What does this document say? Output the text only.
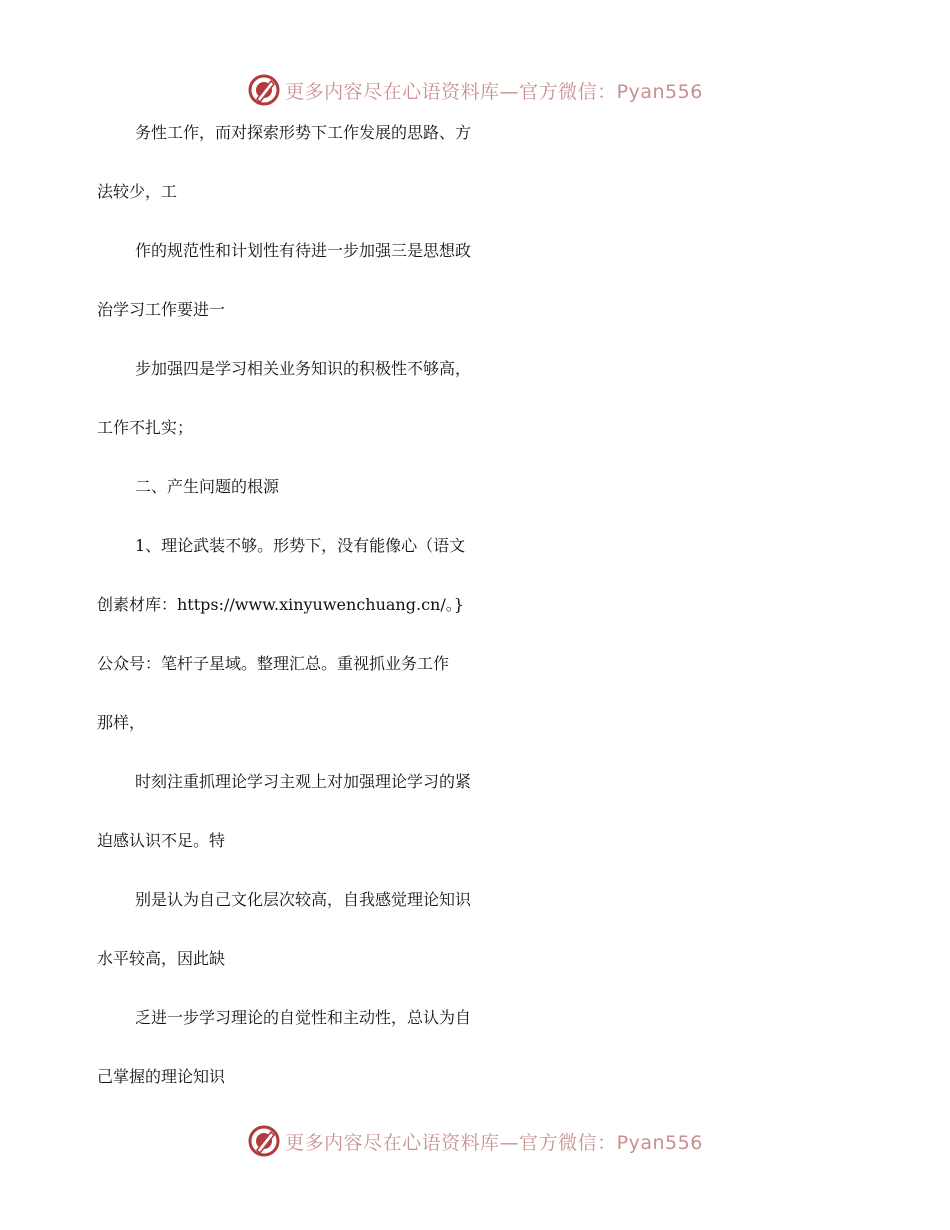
更多内容尽在心语资料库—官方微信：Pyan556
务性工作，而对探索形势下工作发展的思路、方
法较少，工
作的规范性和计划性有待进一步加强三是思想政
治学习工作要进一
步加强四是学习相关业务知识的积极性不够高，
工作不扎实；
二、产生问题的根源
1、理论武装不够。形势下，没有能像心（语文
创素材库：https://www.xinyuwenchuang.cn/。}
公众号：笔杆子星域。整理汇总。重视抓业务工作
那样，
时刻注重抓理论学习主观上对加强理论学习的紧
迫感认识不足。特
别是认为自己文化层次较高，自我感觉理论知识
水平较高，因此缺
乏进一步学习理论的自觉性和主动性，总认为自
己掌握的理论知识
更多内容尽在心语资料库—官方微信：Pyan556
